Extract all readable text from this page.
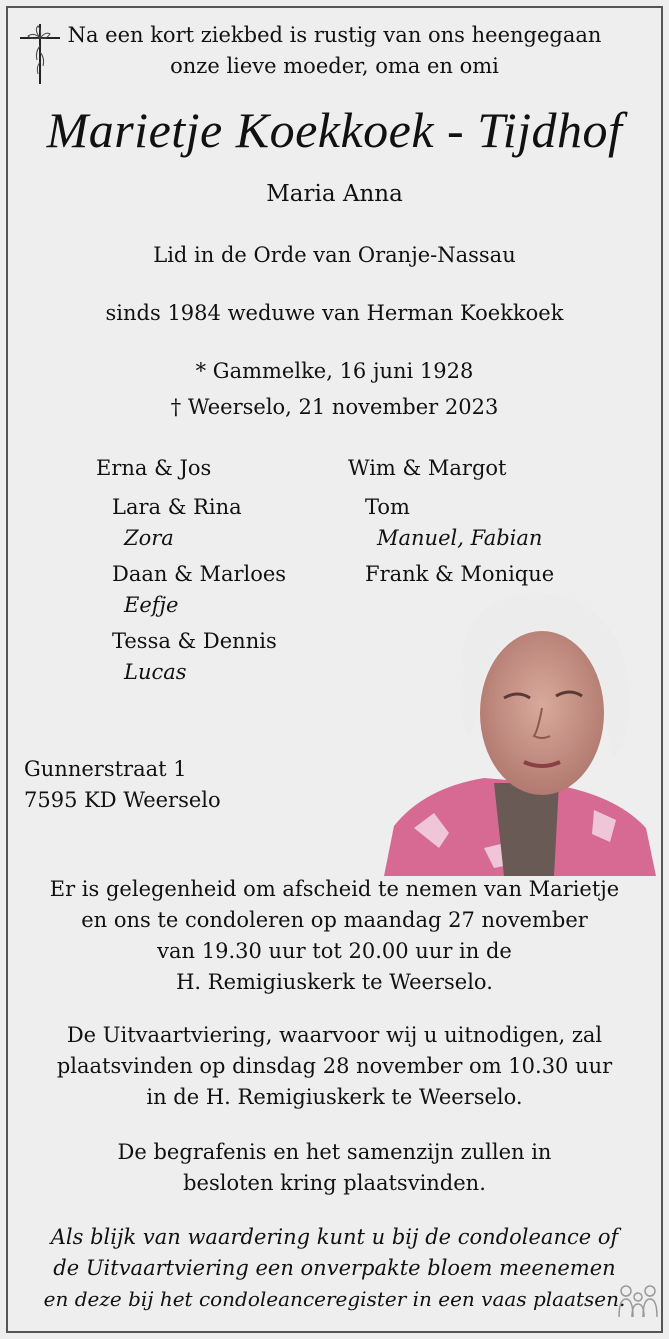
Na een kort ziekbed is rustig van ons heengegaan
onze lieve moeder, oma en omi
Marietje Koekkoek - Tijdhof
Maria Anna
Lid in de Orde van Oranje-Nassau
sinds 1984 weduwe van Herman Koekkoek
* Gammelke, 16 juni 1928
† Weerselo, 21 november 2023
Erna & Jos
Lara & Rina
Zora
Daan & Marloes
Eefje
Tessa & Dennis
Lucas
Wim & Margot
Tom
Manuel, Fabian
Frank & Monique
Gunnerstraat 1
7595 KD Weerselo
Er is gelegenheid om afscheid te nemen van Marietje
en ons te condoleren op maandag 27 november
van 19.30 uur tot 20.00 uur in de
H. Remigiuskerk te Weerselo.
De Uitvaartviering, waarvoor wij u uitnodigen, zal
plaatsvinden op dinsdag 28 november om 10.30 uur
in de H. Remigiuskerk te Weerselo.
De begrafenis en het samenzijn zullen in
besloten kring plaatsvinden.
Als blijk van waardering kunt u bij de condoleance of
de Uitvaartviering een onverpakte bloem meenemen
en deze bij het condoleanceregister in een vaas plaatsen.
